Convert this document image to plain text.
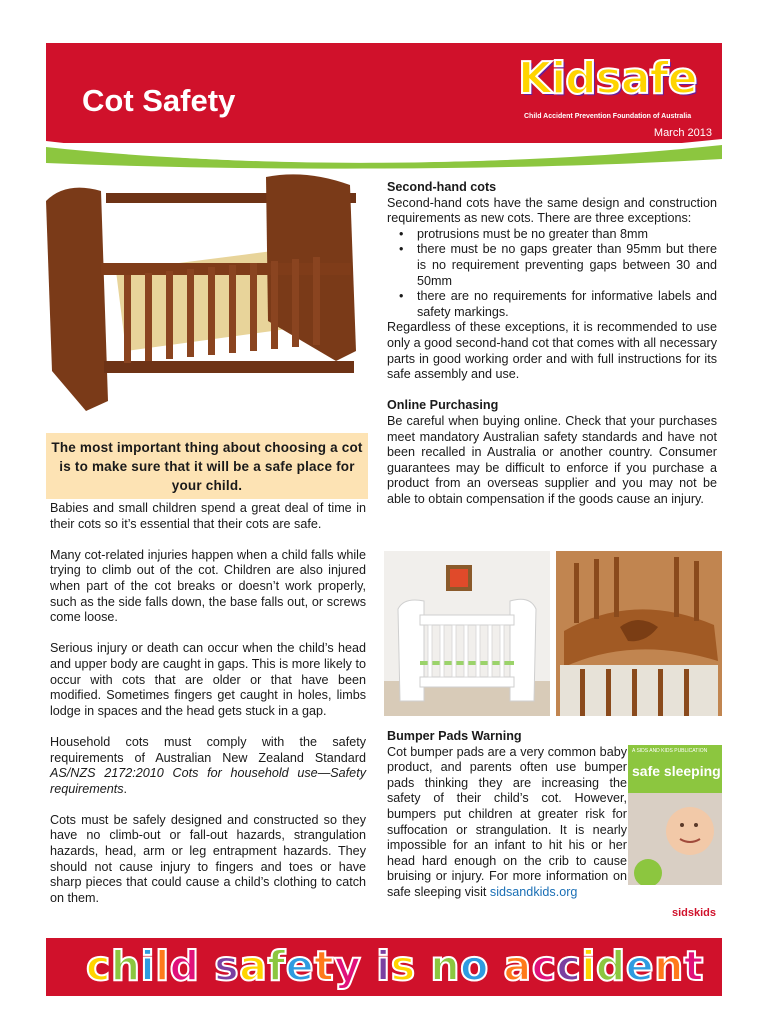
Cot Safety	Kidsafe
Child Accident Prevention Foundation of Australia
March 2013
The most important thing about choosing a cot is to make sure that it will be a safe place for your child.

Babies and small children spend a great deal of time in their cots so it’s essential that their cots are safe.

Many cot-related injuries happen when a child falls while trying to climb out of the cot. Children are also injured when part of the cot breaks or doesn’t work properly, such as the side falls down, the base falls out, or screws come loose.

Serious injury or death can occur when the child’s head and upper body are caught in gaps. This is more likely to occur with cots that are older or that have been modified. Sometimes fingers get caught in holes, limbs lodge in spaces and the head gets stuck in a gap.

Household cots must comply with the safety requirements of Australian New Zealand Standard AS/NZS 2172:2010 Cots for household use—Safety requirements.

Cots must be safely designed and constructed so they have no climb-out or fall-out hazards, strangulation hazards, head, arm or leg entrapment hazards. They should not cause injury to fingers and toes or have sharp pieces that could cause a child’s clothing to catch on them.

Second-hand cots
Second-hand cots have the same design and construction requirements as new cots. There are three exceptions:
• protrusions must be no greater than 8mm
• there must be no gaps greater than 95mm but there is no requirement preventing gaps between 30 and 50mm
• there are no requirements for informative labels and safety markings.

Regardless of these exceptions, it is recommended to use only a good second-hand cot that comes with all necessary parts in good working order and with full instructions for its safe assembly and use.

Online Purchasing

Be careful when buying online. Check that your purchases meet mandatory Australian safety standards and have not been recalled in Australia or another country. Consumer guarantees may be difficult to enforce if you purchase a product from an overseas supplier and you may not be able to obtain compensation if the goods cause an injury.

Bumper Pads Warning
Cot bumper pads are a very common baby product, and parents often use bumper pads thinking they are increasing the safety of their child’s cot. However, bumpers put children at greater risk for suffocation or strangulation. It is nearly impossible for an infant to hit his or her head hard enough on the crib to cause bruising or injury. For more information on safe sleeping visit sidsandkids.org
A SIDS AND KIDS PUBLICATION
safe sleeping
sidskids
child safety is no accident
